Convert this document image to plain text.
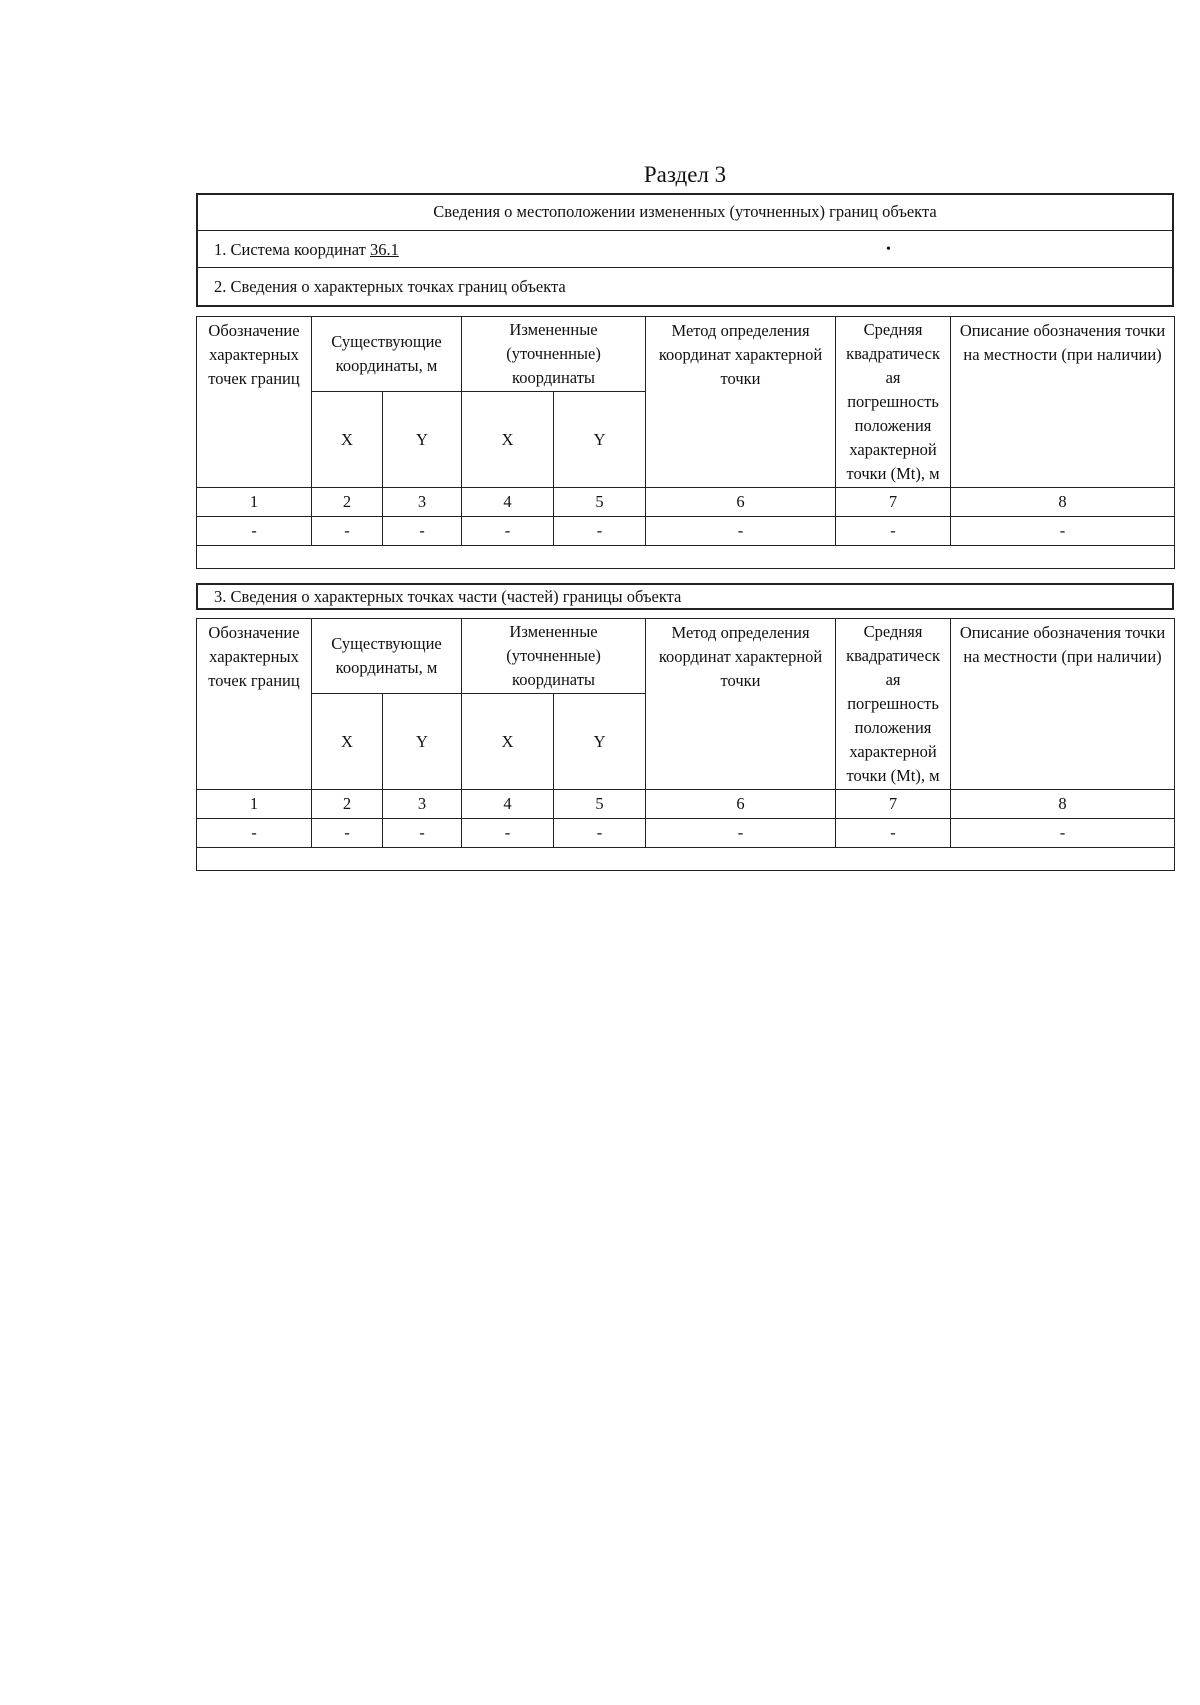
Раздел 3
Сведения о местоположении измененных (уточненных) границ объекта
1. Система координат 36.1	•
2. Сведения о характерных точках границ объекта
Обозначение характерных точек границ	Существующие координаты, м		Измененные (уточненные) координаты		Метод определения координат характерной точки	Средняя квадратическ ая погрешность положения характерной точки (Mt), м	Описание обозначения точки на местности (при наличии)
	X	Y	X	Y			
1	2	3	4	5	6	7	8
-	-	-	-	-	-	-	-

3. Сведения о характерных точках части (частей) границы объекта
Обозначение характерных точек границ	Существующие координаты, м		Измененные (уточненные) координаты		Метод определения координат характерной точки	Средняя квадратическ ая погрешность положения характерной точки (Mt), м	Описание обозначения точки на местности (при наличии)
	X	Y	X	Y			
1	2	3	4	5	6	7	8
-	-	-	-	-	-	-	-
